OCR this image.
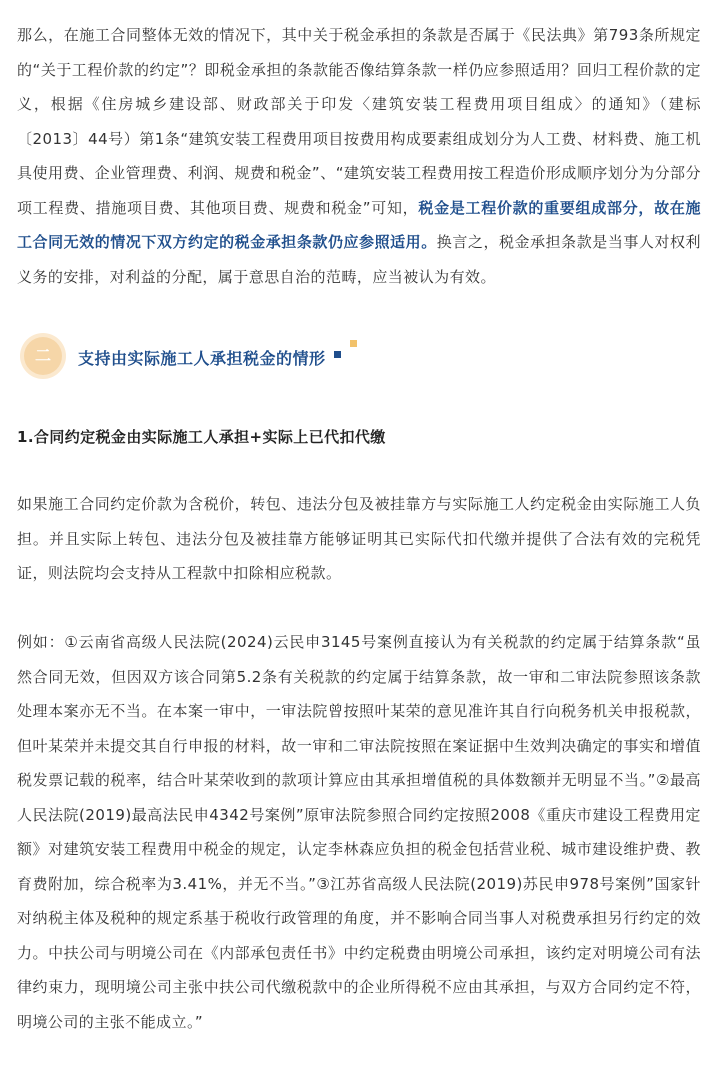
那么，在施工合同整体无效的情况下，其中关于税金承担的条款是否属于《民法典》第793条所规定的“关于工程价款的约定”？即税金承担的条款能否像结算条款一样仍应参照适用？回归工程价款的定义，根据《住房城乡建设部、财政部关于印发〈建筑安装工程费用项目组成〉的通知》（建标〔2013〕44号）第1条“建筑安装工程费用项目按费用构成要素组成划分为人工费、材料费、施工机具使用费、企业管理费、利润、规费和税金”、“建筑安装工程费用按工程造价形成顺序划分为分部分项工程费、措施项目费、其他项目费、规费和税金”可知，税金是工程价款的重要组成部分，故在施工合同无效的情况下双方约定的税金承担条款仍应参照适用。换言之，税金承担条款是当事人对权利义务的安排，对利益的分配，属于意思自治的范畴，应当被认为有效。

二	支持由实际施工人承担税金的情形
1.合同约定税金由实际施工人承担+实际上已代扣代缴

如果施工合同约定价款为含税价，转包、违法分包及被挂靠方与实际施工人约定税金由实际施工人负担。并且实际上转包、违法分包及被挂靠方能够证明其已实际代扣代缴并提供了合法有效的完税凭证，则法院均会支持从工程款中扣除相应税款。

例如：①云南省高级人民法院(2024)云民申3145号案例直接认为有关税款的约定属于结算条款“虽然合同无效，但因双方该合同第5.2条有关税款的约定属于结算条款，故一审和二审法院参照该条款处理本案亦无不当。在本案一审中，一审法院曾按照叶某荣的意见准许其自行向税务机关申报税款，但叶某荣并未提交其自行申报的材料，故一审和二审法院按照在案证据中生效判决确定的事实和增值税发票记载的税率，结合叶某荣收到的款项计算应由其承担增值税的具体数额并无明显不当。”②最高人民法院(2019)最高法民申4342号案例”原审法院参照合同约定按照2008《重庆市建设工程费用定额》对建筑安装工程费用中税金的规定，认定李林森应负担的税金包括营业税、城市建设维护费、教育费附加，综合税率为3.41%，并无不当。”③江苏省高级人民法院(2019)苏民申978号案例”国家针对纳税主体及税种的规定系基于税收行政管理的角度，并不影响合同当事人对税费承担另行约定的效力。中扶公司与明境公司在《内部承包责任书》中约定税费由明境公司承担，该约定对明境公司有法律约束力，现明境公司主张中扶公司代缴税款中的企业所得税不应由其承担，与双方合同约定不符，明境公司的主张不能成立。”
